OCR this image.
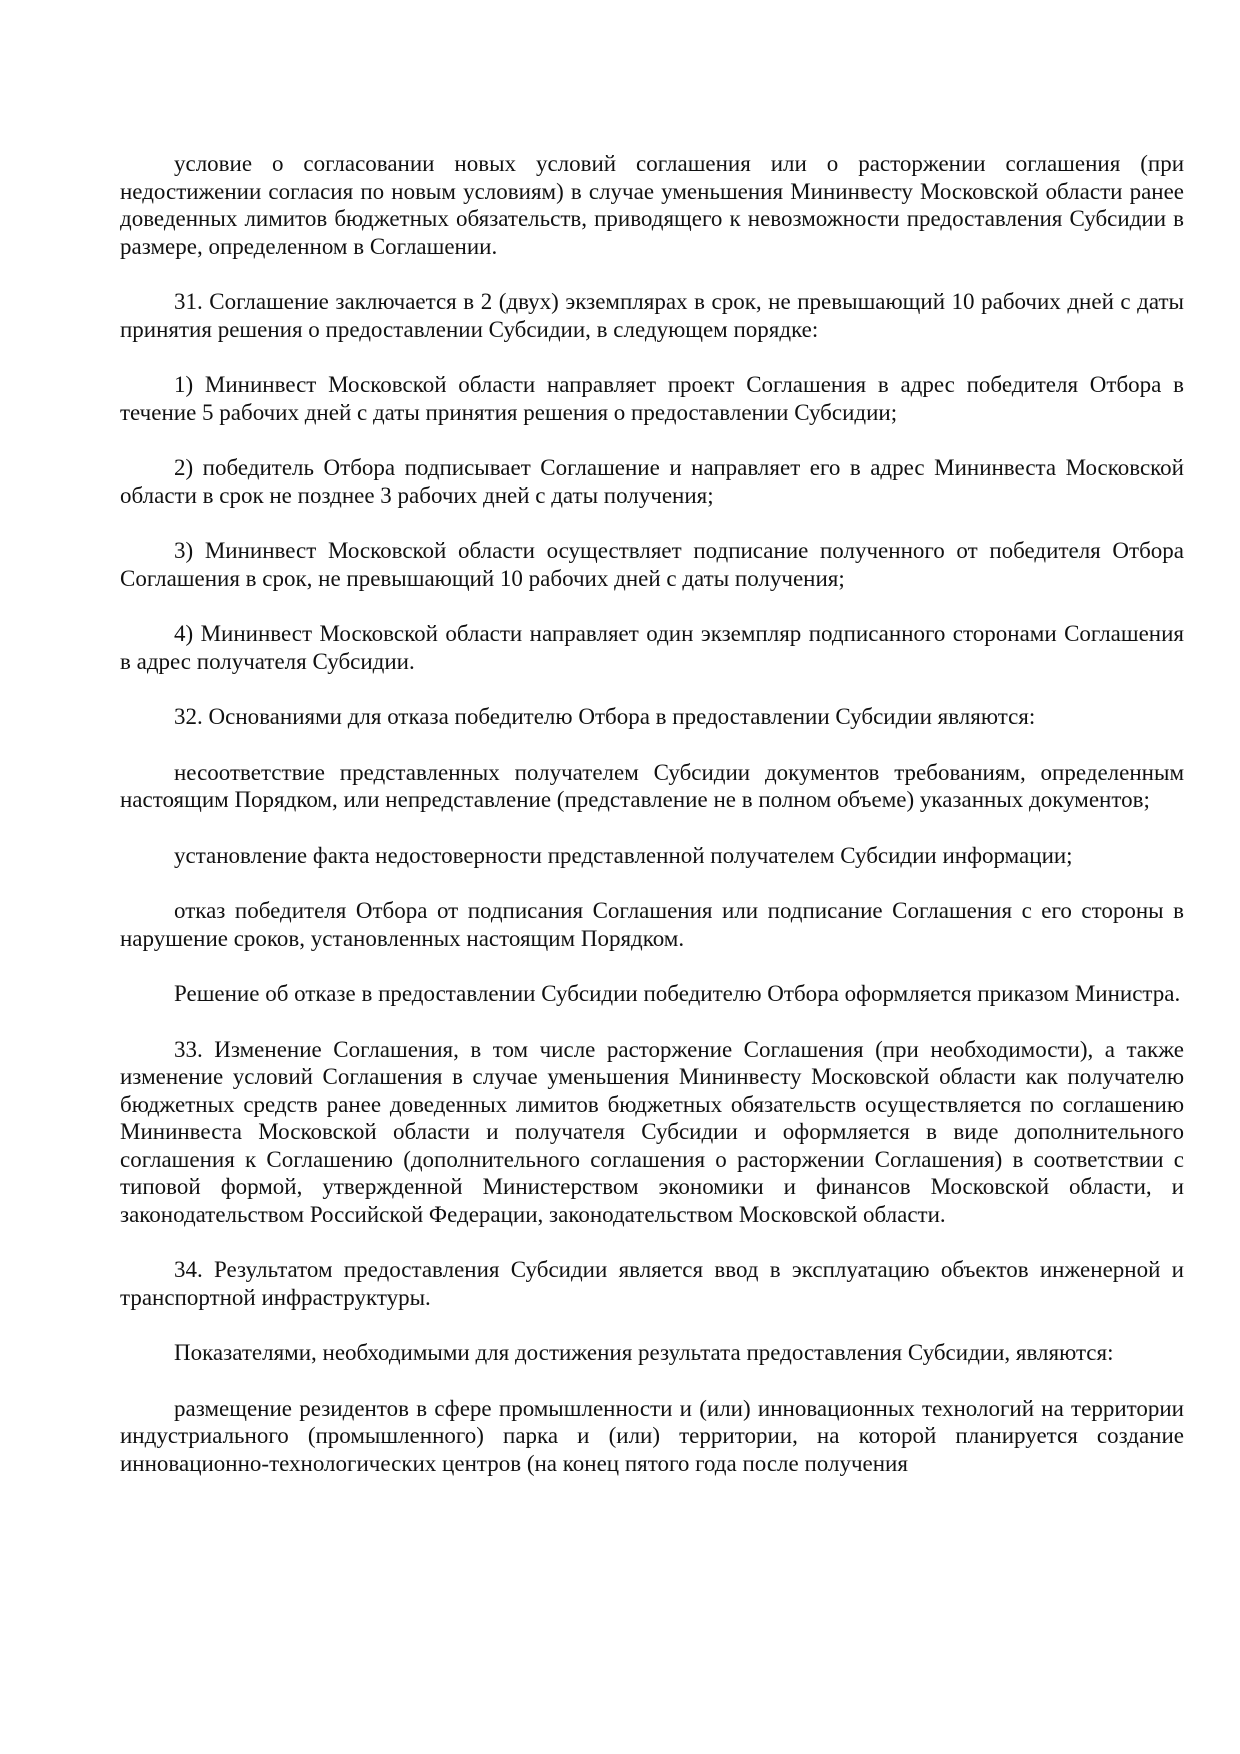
условие о согласовании новых условий соглашения или о расторжении соглашения (при недостижении согласия по новым условиям) в случае уменьшения Мининвесту Московской области ранее доведенных лимитов бюджетных обязательств, приводящего к невозможности предоставления Субсидии в размере, определенном в Соглашении.

31. Соглашение заключается в 2 (двух) экземплярах в срок, не превышающий 10 рабочих дней с даты принятия решения о предоставлении Субсидии, в следующем порядке:

1) Мининвест Московской области направляет проект Соглашения в адрес победителя Отбора в течение 5 рабочих дней с даты принятия решения о предоставлении Субсидии;

2) победитель Отбора подписывает Соглашение и направляет его в адрес Мининвеста Московской области в срок не позднее 3 рабочих дней с даты получения;

3) Мининвест Московской области осуществляет подписание полученного от победителя Отбора Соглашения в срок, не превышающий 10 рабочих дней с даты получения;

4) Мининвест Московской области направляет один экземпляр подписанного сторонами Соглашения в адрес получателя Субсидии.

32. Основаниями для отказа победителю Отбора в предоставлении Субсидии являются:

несоответствие представленных получателем Субсидии документов требованиям, определенным настоящим Порядком, или непредставление (представление не в полном объеме) указанных документов;

установление факта недостоверности представленной получателем Субсидии информации;

отказ победителя Отбора от подписания Соглашения или подписание Соглашения с его стороны в нарушение сроков, установленных настоящим Порядком.

Решение об отказе в предоставлении Субсидии победителю Отбора оформляется приказом Министра.

33. Изменение Соглашения, в том числе расторжение Соглашения (при необходимости), а также изменение условий Соглашения в случае уменьшения Мининвесту Московской области как получателю бюджетных средств ранее доведенных лимитов бюджетных обязательств осуществляется по соглашению Мининвеста Московской области и получателя Субсидии и оформляется в виде дополнительного соглашения к Соглашению (дополнительного соглашения о расторжении Соглашения) в соответствии с типовой формой, утвержденной Министерством экономики и финансов Московской области, и законодательством Российской Федерации, законодательством Московской области.

34. Результатом предоставления Субсидии является ввод в эксплуатацию объектов инженерной и транспортной инфраструктуры.

Показателями, необходимыми для достижения результата предоставления Субсидии, являются:

размещение резидентов в сфере промышленности и (или) инновационных технологий на территории индустриального (промышленного) парка и (или) территории, на которой планируется создание инновационно-технологических центров (на конец пятого года после получения
